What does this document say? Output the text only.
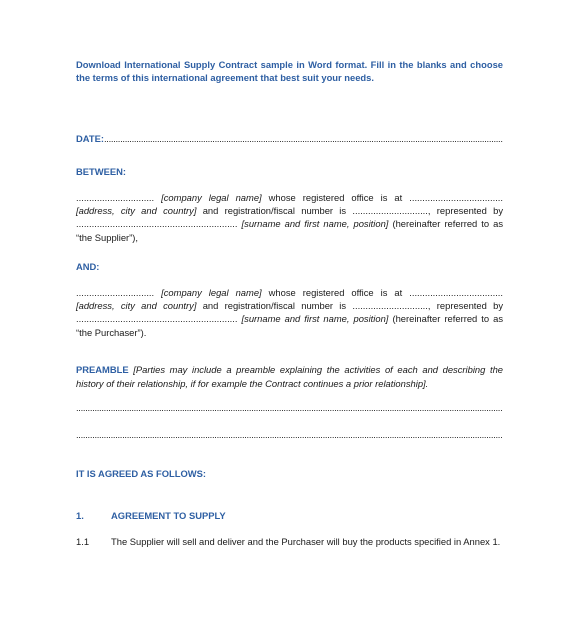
Download International Supply Contract sample in Word format. Fill in the blanks and choose the terms of this international agreement that best suit your needs.
DATE:
.....
BETWEEN:
.............................. [company legal name] whose registered office is at .................................... [address, city and country] and registration/fiscal number is ............................., represented by .............................................................. [surname and first name, position] (hereinafter referred to as “the Supplier”),
AND:
.............................. [company legal name] whose registered office is at .................................... [address, city and country] and registration/fiscal number is ............................., represented by .............................................................. [surname and first name, position] (hereinafter referred to as “the Purchaser”).
PREAMBLE [Parties may include a preamble explaining the activities of each and describing the history of their relationship, if for example the Contract continues a prior relationship].
.....
.....
IT IS AGREED AS FOLLOWS:
1.	AGREEMENT TO SUPPLY
1.1	The Supplier will sell and deliver and the Purchaser will buy the products specified in Annex 1.
